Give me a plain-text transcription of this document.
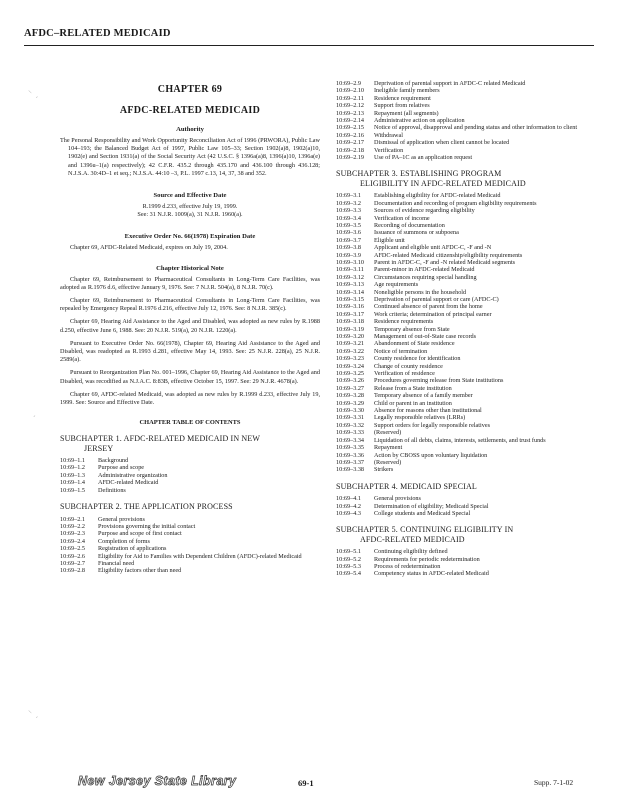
AFDC–RELATED MEDICAID
⸌ ˏ
ˏ
⸌ ˏ
CHAPTER 69
AFDC-RELATED MEDICAID
Authority

The Personal Responsibility and Work Opportunity Reconciliation Act of 1996 (PRWORA), Public Law 104–193; the Balanced Budget Act of 1997, Public Law 105–33; Section 1902(a)8, 1902(a)10, 1902(e) and Section 1931(a) of the Social Security Act (42 U.S.C. § 1396a(a)8, 1396(a)10, 1396a(e) and 1396u–1(a) respectively); 42 C.F.R. 435.2 through 435.170 and 436.100 through 436.128; N.J.S.A. 30:4D–1 et seq.; N.J.S.A. 44:10 –3, P.L. 1997 c.13, 14, 37, 38 and 352.

Source and Effective Date

R.1999 d.233, effective July 19, 1999.

See: 31 N.J.R. 1009(a), 31 N.J.R. 1960(a).

Executive Order No. 66(1978) Expiration Date

Chapter 69, AFDC-Related Medicaid, expires on July 19, 2004.

Chapter Historical Note

Chapter 69, Reimbursement to Pharmaceutical Consultants in Long-Term Care Facilities, was adopted as R.1976 d.6, effective January 9, 1976. See: 7 N.J.R. 504(a), 8 N.J.R. 70(c).

Chapter 69, Reimbursement to Pharmaceutical Consultants in Long-Term Care Facilities, was repealed by Emergency Repeal R.1976 d.216, effective July 12, 1976. See: 8 N.J.R. 385(c).

Chapter 69, Hearing Aid Assistance to the Aged and Disabled, was adopted as new rules by R.1988 d.250, effective June 6, 1988. See: 20 N.J.R. 519(a), 20 N.J.R. 1220(a).

Pursuant to Executive Order No. 66(1978), Chapter 69, Hearing Aid Assistance to the Aged and Disabled, was readopted as R.1993 d.281, effective May 14, 1993. See: 25 N.J.R. 228(a), 25 N.J.R. 2589(a).

Pursuant to Reorganization Plan No. 001–1996, Chapter 69, Hearing Aid Assistance to the Aged and Disabled, was recodified as N.J.A.C. 8:83B, effective October 15, 1997. See: 29 N.J.R. 4678(a).

Chapter 69, AFDC-related Medicaid, was adopted as new rules by R.1999 d.233, effective July 19, 1999. See: Source and Effective Date.

CHAPTER TABLE OF CONTENTS
SUBCHAPTER 1. AFDC-RELATED MEDICAID IN NEW
JERSEY
10:69–1.1	Background
10:69–1.2	Purpose and scope
10:69–1.3	Administrative organization
10:69–1.4	AFDC-related Medicaid
10:69–1.5	Definitions
SUBCHAPTER 2. THE APPLICATION PROCESS
10:69–2.1	General provisions
10:69–2.2	Provisions governing the initial contact
10:69–2.3	Purpose and scope of first contact
10:69–2.4	Completion of forms
10:69–2.5	Registration of applications
10:69–2.6	Eligibility for Aid to Families with Dependent Children (AFDC)-related Medicaid
10:69–2.7	Financial need
10:69–2.8	Eligibility factors other than need
10:69–2.9	Deprivation of parental support in AFDC-C related Medicaid
10:69–2.10	Ineligible family members
10:69–2.11	Residence requirement
10:69–2.12	Support from relatives
10:69–2.13	Repayment (all segments)
10:69–2.14	Administrative action on application
10:69–2.15	Notice of approval, disapproval and pending status and other information to client
10:69–2.16	Withdrawal
10:69–2.17	Dismissal of application when client cannot be located
10:69–2.18	Verification
10:69–2.19	Use of PA–1C as an application request
SUBCHAPTER 3. ESTABLISHING PROGRAM
ELIGIBILITY IN AFDC-RELATED MEDICAID
10:69–3.1	Establishing eligibility for AFDC-related Medicaid
10:69–3.2	Documentation and recording of program eligibility requirements
10:69–3.3	Sources of evidence regarding eligibility
10:69–3.4	Verification of income
10:69–3.5	Recording of documentation
10:69–3.6	Issuance of summons or subpoena
10:69–3.7	Eligible unit
10:69–3.8	Applicant and eligible unit AFDC-C, -F and -N
10:69–3.9	AFDC-related Medicaid citizenship/eligibility requirements
10:69–3.10	Parent in AFDC-C, -F and -N related Medicaid segments
10:69–3.11	Parent-minor in AFDC-related Medicaid
10:69–3.12	Circumstances requiring special handling
10:69–3.13	Age requirements
10:69–3.14	Noneligible persons in the household
10:69–3.15	Deprivation of parental support or care (AFDC-C)
10:69–3.16	Continued absence of parent from the home
10:69–3.17	Work criteria; determination of principal earner
10:69–3.18	Residence requirements
10:69–3.19	Temporary absence from State
10:69–3.20	Management of out-of-State case records
10:69–3.21	Abandonment of State residence
10:69–3.22	Notice of termination
10:69–3.23	County residence for identification
10:69–3.24	Change of county residence
10:69–3.25	Verification of residence
10:69–3.26	Procedures governing release from State institutions
10:69–3.27	Release from a State institution
10:69–3.28	Temporary absence of a family member
10:69–3.29	Child or parent in an institution
10:69–3.30	Absence for reasons other than institutional
10:69–3.31	Legally responsible relatives (LRRs)
10:69–3.32	Support orders for legally responsible relatives
10:69–3.33	(Reserved)
10:69–3.34	Liquidation of all debts, claims, interests, settlements, and trust funds
10:69–3.35	Repayment
10:69–3.36	Action by CBOSS upon voluntary liquidation
10:69–3.37	(Reserved)
10:69–3.38	Strikers
SUBCHAPTER 4. MEDICAID SPECIAL
10:69–4.1	General provisions
10:69–4.2	Determination of eligibility; Medicaid Special
10:69–4.3	College students and Medicaid Special
SUBCHAPTER 5. CONTINUING ELIGIBILITY IN
AFDC-RELATED MEDICAID
10:69–5.1	Continuing eligibility defined
10:69–5.2	Requirements for periodic redetermination
10:69–5.3	Process of redetermination
10:69–5.4	Competency status in AFDC-related Medicaid
New Jersey State Library	69-1	Supp. 7-1-02
